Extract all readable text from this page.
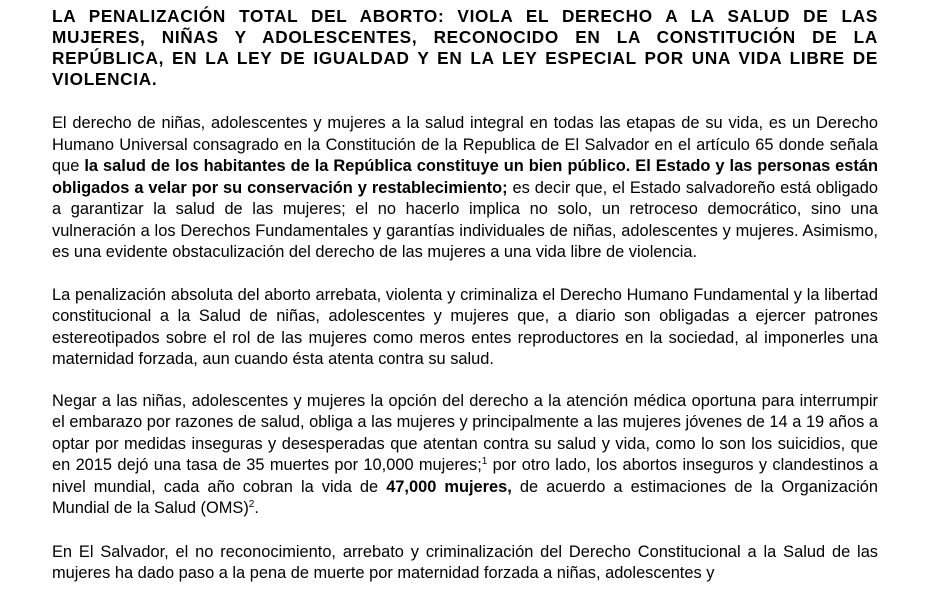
LA PENALIZACIÓN TOTAL DEL ABORTO: VIOLA EL DERECHO A LA SALUD DE LAS MUJERES, NIÑAS Y ADOLESCENTES, RECONOCIDO EN LA CONSTITUCIÓN DE LA REPÚBLICA, EN LA LEY DE IGUALDAD Y EN LA LEY ESPECIAL POR UNA VIDA LIBRE DE VIOLENCIA.

El derecho de niñas, adolescentes y mujeres a la salud integral en todas las etapas de su vida, es un Derecho Humano Universal consagrado en la Constitución de la Republica de El Salvador en el artículo 65 donde señala que la salud de los habitantes de la República constituye un bien público. El Estado y las personas están obligados a velar por su conservación y restablecimiento; es decir que, el Estado salvadoreño está obligado a garantizar la salud de las mujeres; el no hacerlo implica no solo, un retroceso democrático, sino una vulneración a los Derechos Fundamentales y garantías individuales de niñas, adolescentes y mujeres. Asimismo, es una evidente obstaculización del derecho de las mujeres a una vida libre de violencia.

La penalización absoluta del aborto arrebata, violenta y criminaliza el Derecho Humano Fundamental y la libertad constitucional a la Salud de niñas, adolescentes y mujeres que, a diario son obligadas a ejercer patrones estereotipados sobre el rol de las mujeres como meros entes reproductores en la sociedad, al imponerles una maternidad forzada, aun cuando ésta atenta contra su salud.

Negar a las niñas, adolescentes y mujeres la opción del derecho a la atención médica oportuna para interrumpir el embarazo por razones de salud, obliga a las mujeres y principalmente a las mujeres jóvenes de 14 a 19 años a optar por medidas inseguras y desesperadas que atentan contra su salud y vida, como lo son los suicidios, que en 2015 dejó una tasa de 35 muertes por 10,000 mujeres;$^1$ por otro lado, los abortos inseguros y clandestinos a nivel mundial, cada año cobran la vida de 47,000 mujeres, de acuerdo a estimaciones de la Organización Mundial de la Salud (OMS)$^2$.

En El Salvador, el no reconocimiento, arrebato y criminalización del Derecho Constitucional a la Salud de las mujeres ha dado paso a la pena de muerte por maternidad forzada a niñas, adolescentes y
